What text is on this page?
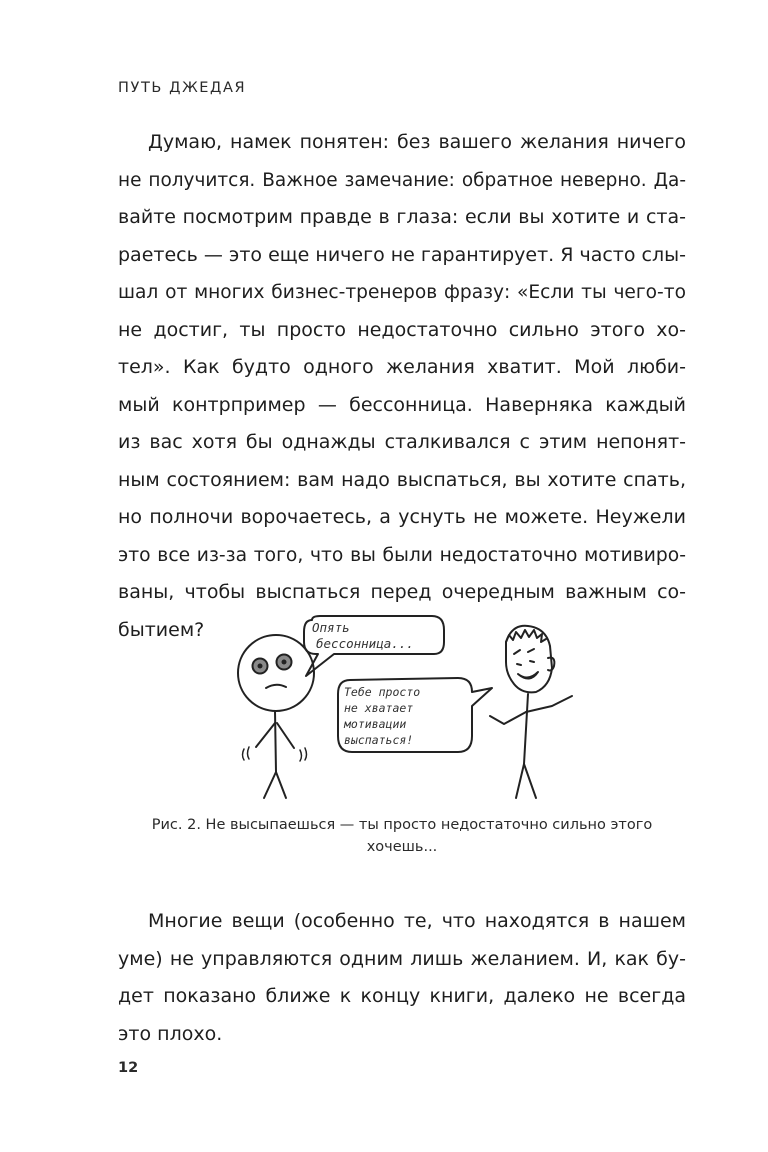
ПУТЬ ДЖЕДАЯ
Думаю, намек понятен: без вашего желания ничего
не получится. Важное замечание: обратное неверно. Да-
вайте посмотрим правде в глаза: если вы хотите и ста-
раетесь — это еще ничего не гарантирует. Я часто слы-
шал от многих бизнес-тренеров фразу: «Если ты чего-то
не достиг, ты просто недостаточно сильно этого хо-
тел». Как будто одного желания хватит. Мой люби-
мый контрпример — бессонница. Наверняка каждый
из вас хотя бы однажды сталкивался с этим непонят-
ным состоянием: вам надо выспаться, вы хотите спать,
но полночи ворочаетесь, а уснуть не можете. Неужели
это все из-за того, что вы были недостаточно мотивиро-
ваны, чтобы выспаться перед очередным важным со-
бытием?	Опять
бессонница...
Тебе просто
не хватает
мотивации
выспаться!
Рис. 2. Не высыпаешься — ты просто недостаточно сильно этого
хочешь...
Многие вещи (особенно те, что находятся в нашем
уме) не управляются одним лишь желанием. И, как бу-
дет показано ближе к концу книги, далеко не всегда
это плохо.
12
